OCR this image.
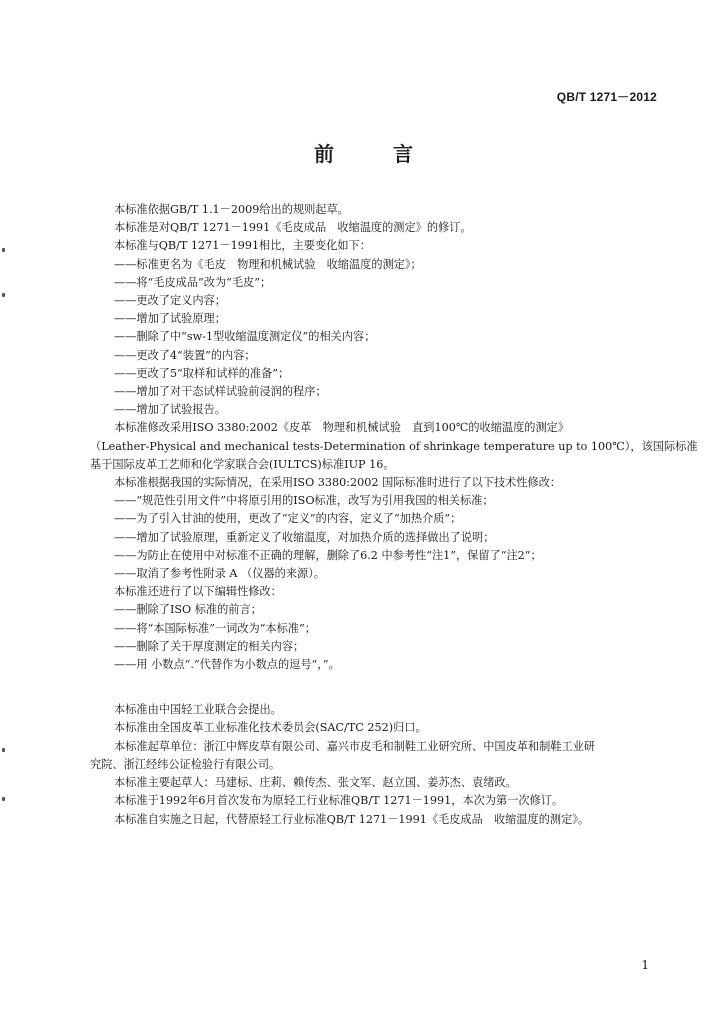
QB/T 1271－2012
前 言

本标准依据GB/T 1.1－2009给出的规则起草。

本标准是对QB/T 1271－1991《毛皮成品　收缩温度的测定》的修订。

本标准与QB/T 1271－1991相比，主要变化如下：

——标准更名为《毛皮　物理和机械试验　收缩温度的测定》；

——将“毛皮成品”改为“毛皮”；

——更改了定义内容；

——增加了试验原理；

——删除了中“sw-1型收缩温度测定仪”的相关内容；

——更改了4“装置”的内容；

——更改了5“取样和试样的准备”；

——增加了对干态试样试验前浸润的程序；

——增加了试验报告。

本标准修改采用ISO 3380:2002《皮革　物理和机械试验　直到100℃的收缩温度的测定》

（Leather-Physical and mechanical tests-Determination of shrinkage temperature up to 100℃），该国际标准

基于国际皮革工艺师和化学家联合会(IULTCS)标准IUP 16。

本标准根据我国的实际情况，在采用ISO 3380:2002 国际标准时进行了以下技术性修改：

——“规范性引用文件”中将原引用的ISO标准，改写为引用我国的相关标准；

——为了引入甘油的使用，更改了“定义”的内容，定义了“加热介质”；

——增加了试验原理，重新定义了收缩温度，对加热介质的选择做出了说明；

——为防止在使用中对标准不正确的理解，删除了6.2 中参考性“注1”，保留了“注2”；

——取消了参考性附录 A （仪器的来源）。

本标准还进行了以下编辑性修改：

——删除了ISO 标准的前言；

——将“本国际标准”一词改为“本标准”；

——删除了关于厚度测定的相关内容；

——用 小数点“.”代替作为小数点的逗号“，”。

本标准由中国轻工业联合会提出。

本标准由全国皮革工业标准化技术委员会(SAC/TC 252)归口。

本标准起草单位：浙江中辉皮草有限公司、嘉兴市皮毛和制鞋工业研究所、中国皮革和制鞋工业研

究院、浙江经纬公证检验行有限公司。

本标准主要起草人：马建标、庄莉、赖传杰、张文军、赵立国、姜苏杰、袁绪政。

本标准于1992年6月首次发布为原轻工行业标准QB/T 1271－1991，本次为第一次修订。

本标准自实施之日起，代替原轻工行业标准QB/T 1271－1991《毛皮成品　收缩温度的测定》。

1
